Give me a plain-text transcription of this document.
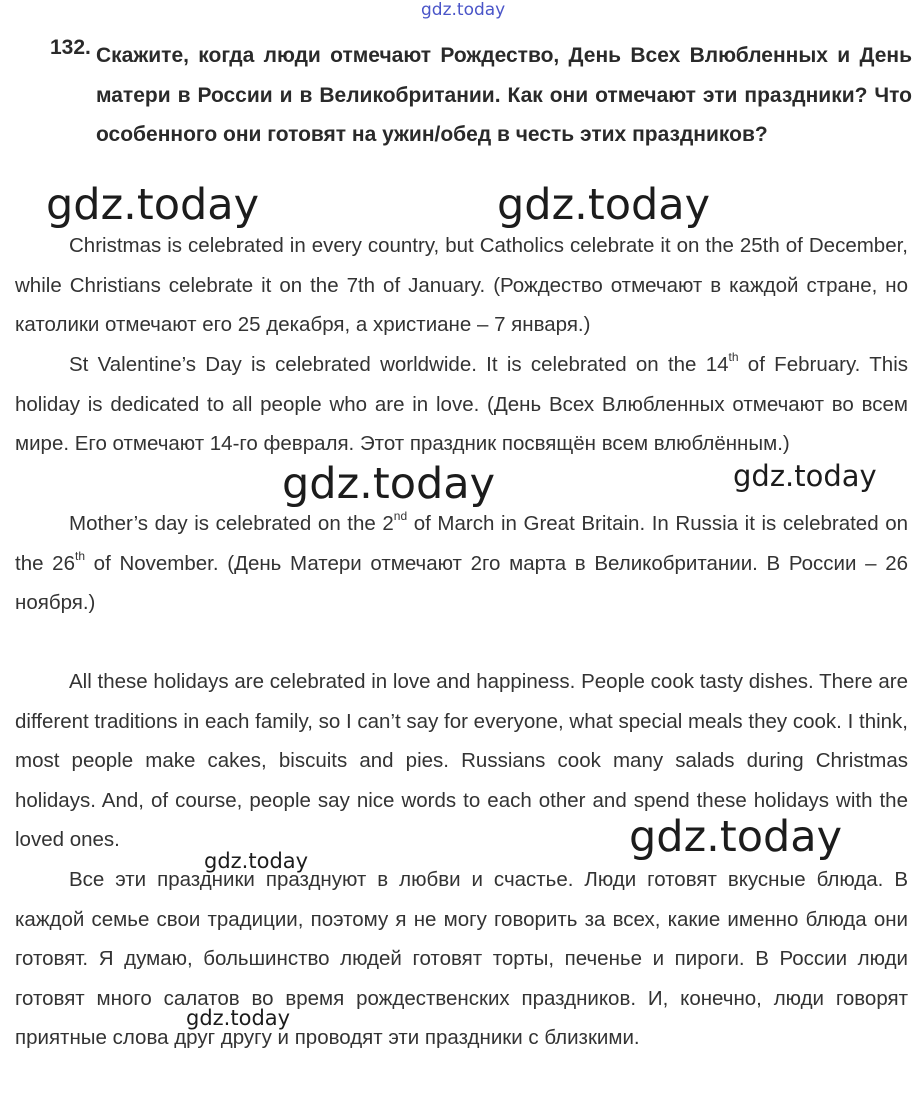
gdz.today
132. Скажите, когда люди отмечают Рождество, День Всех Влюбленных и День матери в России и в Великобритании. Как они отмечают эти праздники? Что особенного они готовят на ужин/обед в честь этих праздников?

Christmas is celebrated in every country, but Catholics celebrate it on the 25th of December, while Christians celebrate it on the 7th of January. (Рождество отмечают в каждой стране, но католики отмечают его 25 декабря, а христиане – 7 января.)

St Valentine’s Day is celebrated worldwide. It is celebrated on the 14th of February. This holiday is dedicated to all people who are in love. (День Всех Влюбленных отмечают во всем мире. Его отмечают 14-го февраля. Этот праздник посвящён всем влюблённым.)

Mother’s day is celebrated on the 2nd of March in Great Britain. In Russia it is celebrated on the 26th of November. (День Матери отмечают 2го марта в Великобритании. В России – 26 ноября.)

All these holidays are celebrated in love and happiness. People cook tasty dishes. There are different traditions in each family, so I can’t say for everyone, what special meals they cook. I think, most people make cakes, biscuits and pies. Russians cook many salads during Christmas holidays. And, of course, people say nice words to each other and spend these holidays with the loved ones.

Все эти праздники празднуют в любви и счастье. Люди готовят вкусные блюда. В каждой семье свои традиции, поэтому я не могу говорить за всех, какие именно блюда они готовят. Я думаю, большинство людей готовят торты, печенье и пироги. В России люди готовят много салатов во время рождественских праздников. И, конечно, люди говорят приятные слова друг другу и проводят эти праздники с близкими.

gdz.today	gdz.today
gdz.today	gdz.today
gdz.today
gdz.today
gdz.today
